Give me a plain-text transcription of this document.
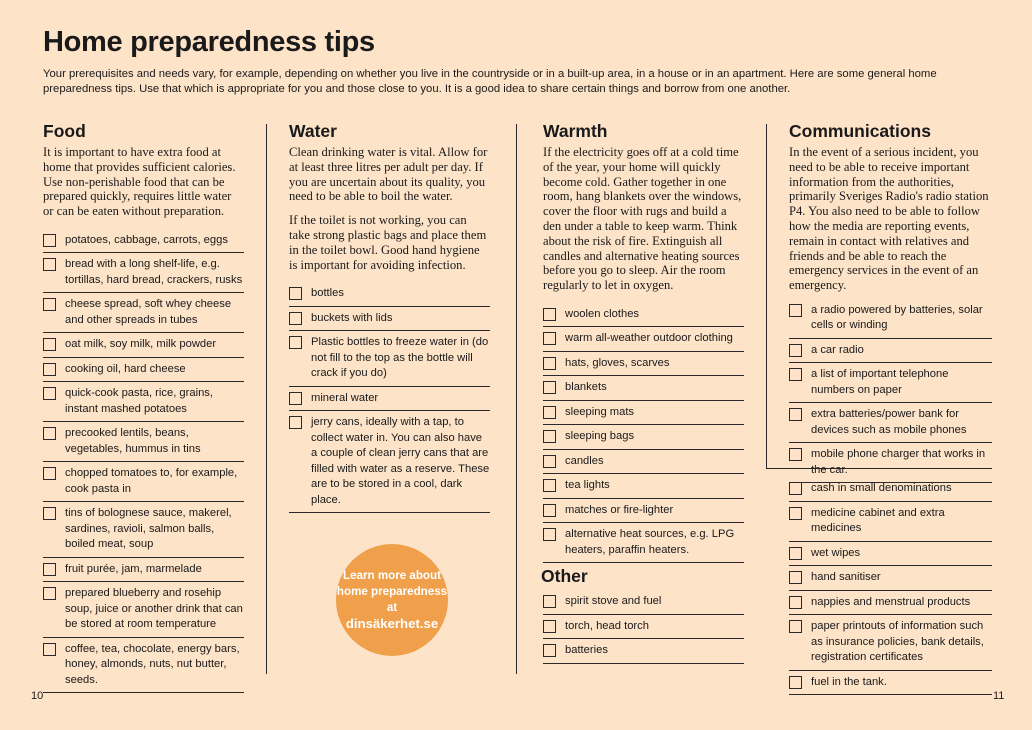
Home preparedness tips
Your prerequisites and needs vary, for example, depending on whether you live in the countryside or in a built-up area, in a house or in an apartment. Here are some general home preparedness tips. Use that which is appropriate for you and those close to you. It is a good idea to share certain things and borrow from one another.
Food

It is important to have extra food at home that provides sufficient calories. Use non-perishable food that can be prepared quickly, requires little water or can be eaten without preparation.

potatoes, cabbage, carrots, eggs
bread with a long shelf-life, e.g. tortillas, hard bread, crackers, rusks
cheese spread, soft whey cheese and other spreads in tubes
oat milk, soy milk, milk powder
cooking oil, hard cheese
quick-cook pasta, rice, grains, instant mashed potatoes
precooked lentils, beans, vegetables, hummus in tins
chopped tomatoes to, for example, cook pasta in
tins of bolognese sauce, makerel, sardines, ravioli, salmon balls, boiled meat, soup
fruit purée, jam, marmelade
prepared blueberry and rosehip soup, juice or another drink that can be stored at room temperature
coffee, tea, chocolate, energy bars, honey, almonds, nuts, nut butter, seeds.
Water

Clean drinking water is vital. Allow for at least three litres per adult per day. If you are uncertain about its quality, you need to be able to boil the water.

If the toilet is not working, you can take strong plastic bags and place them in the toilet bowl. Good hand hygiene is important for avoiding infection.

bottles
buckets with lids
Plastic bottles to freeze water in (do not fill to the top as the bottle will crack if you do)
mineral water
jerry cans, ideally with a tap, to collect water in. You can also have a couple of clean jerry cans that are filled with water as a reserve. These are to be stored in a cool, dark place.
Learn more about
home preparedness
at
dinsäkerhet.se
Warmth

If the electricity goes off at a cold time of the year, your home will quickly become cold. Gather together in one room, hang blankets over the windows, cover the floor with rugs and build a den under a table to keep warm. Think about the risk of fire. Extinguish all candles and alternative heating sources before you go to sleep. Air the room regularly to let in oxygen.

woolen clothes
warm all-weather outdoor clothing
hats, gloves, scarves
blankets
sleeping mats
sleeping bags
candles
tea lights
matches or fire-lighter
alternative heat sources, e.g. LPG heaters, paraffin heaters.
Other
spirit stove and fuel
torch, head torch
batteries
Communications

In the event of a serious incident, you need to be able to receive important information from the authorities, primarily Sveriges Radio's radio station P4. You also need to be able to follow how the media are reporting events, remain in contact with relatives and friends and be able to reach the emergency services in the event of an emergency.

a radio powered by batteries, solar cells or winding
a car radio
a list of important telephone numbers on paper
extra batteries/power bank for devices such as mobile phones
mobile phone charger that works in the car.
cash in small denominations
medicine cabinet and extra medicines
wet wipes
hand sanitiser
nappies and menstrual products
paper printouts of information such as insurance policies, bank details, registration certificates
fuel in the tank.
10	11
